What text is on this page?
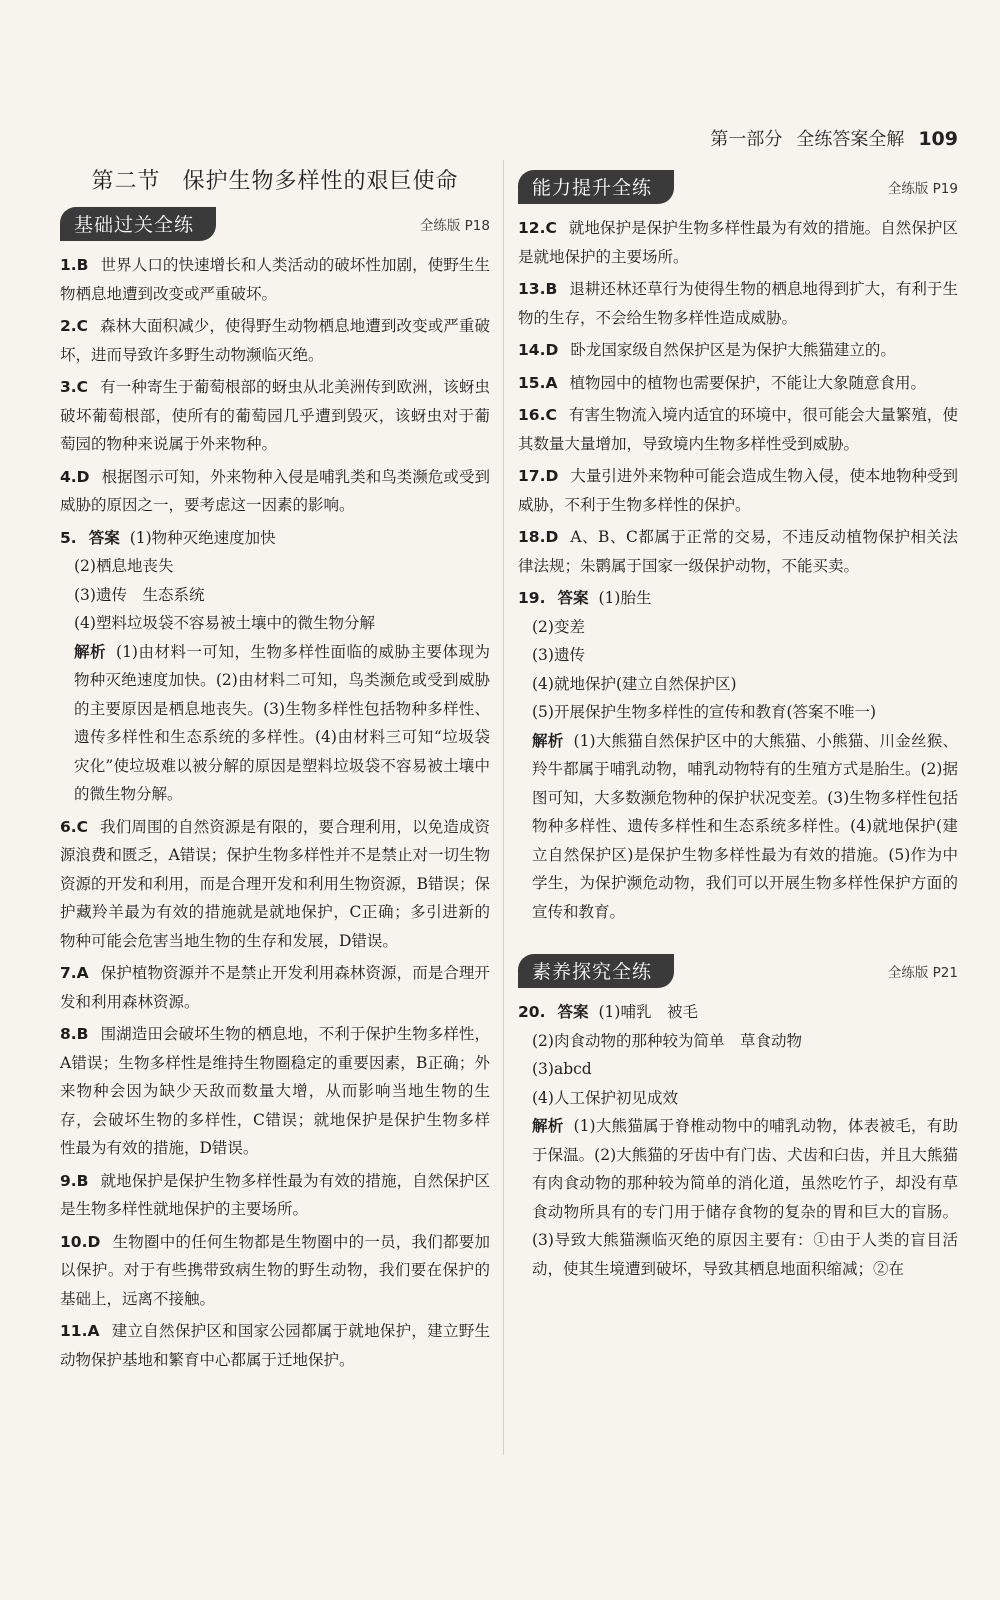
第一部分 全练答案全解 109
第二节 保护生物多样性的艰巨使命
基础过关全练	全练版 P18
1.B 世界人口的快速增长和人类活动的破坏性加剧，使野生生物栖息地遭到改变或严重破坏。
2.C 森林大面积减少，使得野生动物栖息地遭到改变或严重破坏，进而导致许多野生动物濒临灭绝。
3.C 有一种寄生于葡萄根部的蚜虫从北美洲传到欧洲，该蚜虫破坏葡萄根部，使所有的葡萄园几乎遭到毁灭，该蚜虫对于葡萄园的物种来说属于外来物种。
4.D 根据图示可知，外来物种入侵是哺乳类和鸟类濒危或受到威胁的原因之一，要考虑这一因素的影响。
5. 答案 (1)物种灭绝速度加快
(2)栖息地丧失
(3)遗传　生态系统
(4)塑料垃圾袋不容易被土壤中的微生物分解
解析 (1)由材料一可知，生物多样性面临的威胁主要体现为物种灭绝速度加快。(2)由材料二可知，鸟类濒危或受到威胁的主要原因是栖息地丧失。(3)生物多样性包括物种多样性、遗传多样性和生态系统的多样性。(4)由材料三可知“垃圾袋灾化”使垃圾难以被分解的原因是塑料垃圾袋不容易被土壤中的微生物分解。
6.C 我们周围的自然资源是有限的，要合理利用，以免造成资源浪费和匮乏，A错误；保护生物多样性并不是禁止对一切生物资源的开发和利用，而是合理开发和利用生物资源，B错误；保护藏羚羊最为有效的措施就是就地保护，C正确；多引进新的物种可能会危害当地生物的生存和发展，D错误。
7.A 保护植物资源并不是禁止开发利用森林资源，而是合理开发和利用森林资源。
8.B 围湖造田会破坏生物的栖息地，不利于保护生物多样性，A错误；生物多样性是维持生物圈稳定的重要因素，B正确；外来物种会因为缺少天敌而数量大增，从而影响当地生物的生存，会破坏生物的多样性，C错误；就地保护是保护生物多样性最为有效的措施，D错误。
9.B 就地保护是保护生物多样性最为有效的措施，自然保护区是生物多样性就地保护的主要场所。
10.D 生物圈中的任何生物都是生物圈中的一员，我们都要加以保护。对于有些携带致病生物的野生动物，我们要在保护的基础上，远离不接触。
11.A 建立自然保护区和国家公园都属于就地保护，建立野生动物保护基地和繁育中心都属于迁地保护。
能力提升全练	全练版 P19
12.C 就地保护是保护生物多样性最为有效的措施。自然保护区是就地保护的主要场所。
13.B 退耕还林还草行为使得生物的栖息地得到扩大，有利于生物的生存，不会给生物多样性造成威胁。
14.D 卧龙国家级自然保护区是为保护大熊猫建立的。
15.A 植物园中的植物也需要保护，不能让大象随意食用。
16.C 有害生物流入境内适宜的环境中，很可能会大量繁殖，使其数量大量增加，导致境内生物多样性受到威胁。
17.D 大量引进外来物种可能会造成生物入侵，使本地物种受到威胁，不利于生物多样性的保护。
18.D A、B、C都属于正常的交易，不违反动植物保护相关法律法规；朱鹮属于国家一级保护动物，不能买卖。
19. 答案 (1)胎生
(2)变差
(3)遗传
(4)就地保护(建立自然保护区)
(5)开展保护生物多样性的宣传和教育(答案不唯一)
解析 (1)大熊猫自然保护区中的大熊猫、小熊猫、川金丝猴、羚牛都属于哺乳动物，哺乳动物特有的生殖方式是胎生。(2)据图可知，大多数濒危物种的保护状况变差。(3)生物多样性包括物种多样性、遗传多样性和生态系统多样性。(4)就地保护(建立自然保护区)是保护生物多样性最为有效的措施。(5)作为中学生，为保护濒危动物，我们可以开展生物多样性保护方面的宣传和教育。
素养探究全练	全练版 P21
20. 答案 (1)哺乳　被毛
(2)肉食动物的那种较为简单　草食动物
(3)abcd
(4)人工保护初见成效
解析 (1)大熊猫属于脊椎动物中的哺乳动物，体表被毛，有助于保温。(2)大熊猫的牙齿中有门齿、犬齿和臼齿，并且大熊猫有肉食动物的那种较为简单的消化道，虽然吃竹子，却没有草食动物所具有的专门用于储存食物的复杂的胃和巨大的盲肠。(3)导致大熊猫濒临灭绝的原因主要有：①由于人类的盲目活动，使其生境遭到破坏，导致其栖息地面积缩减；②在
